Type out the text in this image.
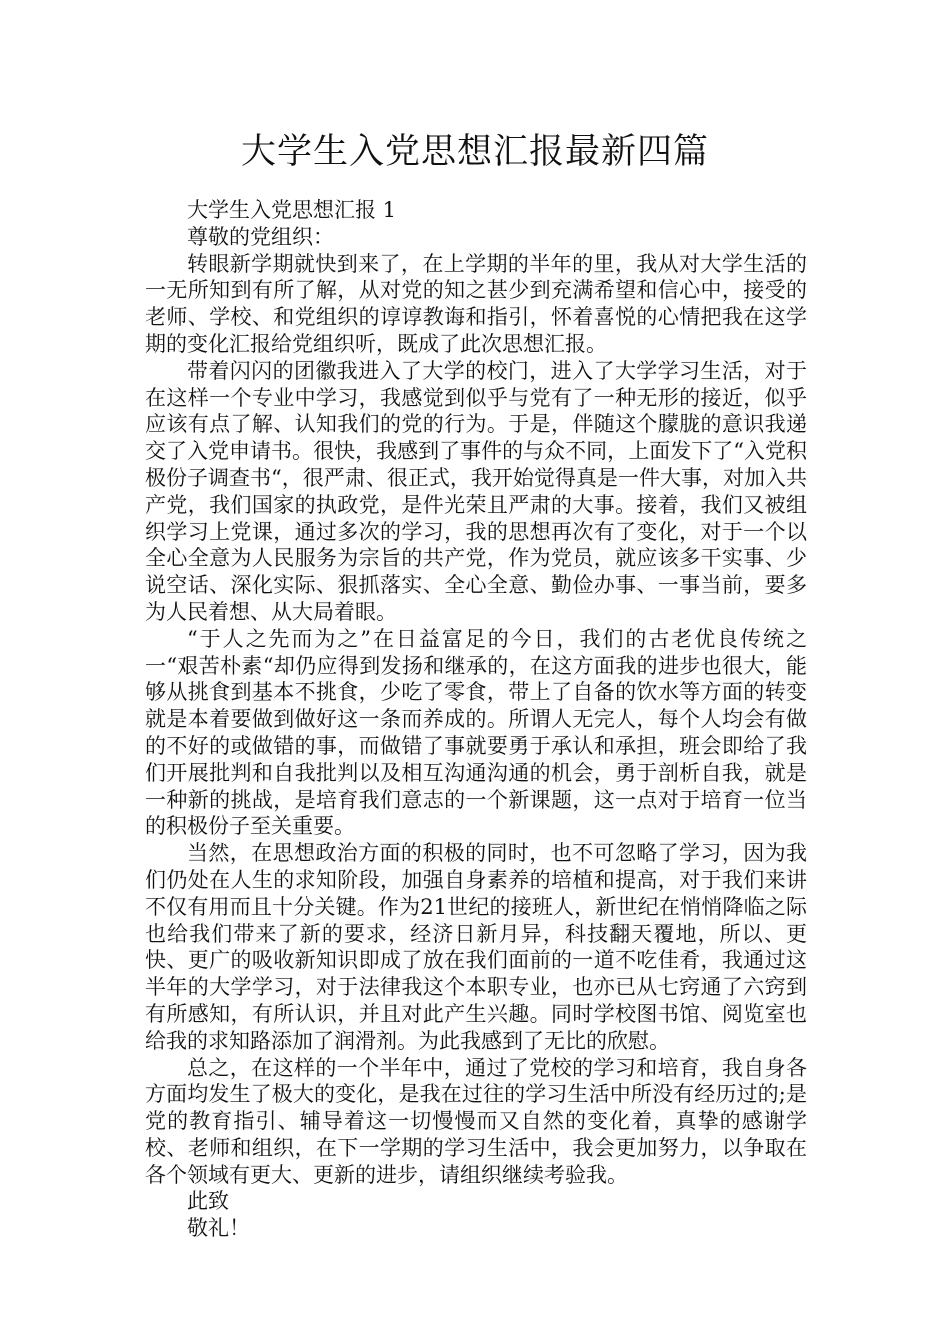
大学生入党思想汇报最新四篇

大学生入党思想汇报 1

尊敬的党组织：

转眼新学期就快到来了，在上学期的半年的里，我从对大学生活的一无所知到有所了解，从对党的知之甚少到充满希望和信心中，接受的老师、学校、和党组织的谆谆教诲和指引，怀着喜悦的心情把我在这学期的变化汇报给党组织听，既成了此次思想汇报。

带着闪闪的团徽我进入了大学的校门，进入了大学学习生活，对于在这样一个专业中学习，我感觉到似乎与党有了一种无形的接近，似乎应该有点了解、认知我们的党的行为。于是，伴随这个朦胧的意识我递交了入党申请书。很快，我感到了事件的与众不同，上面发下了“入党积极份子调查书“，很严肃、很正式，我开始觉得真是一件大事，对加入共产党，我们国家的执政党，是件光荣且严肃的大事。接着，我们又被组织学习上党课，通过多次的学习，我的思想再次有了变化，对于一个以全心全意为人民服务为宗旨的共产党，作为党员，就应该多干实事、少说空话、深化实际、狠抓落实、全心全意、勤俭办事、一事当前，要多为人民着想、从大局着眼。

“于人之先而为之”在日益富足的今日，我们的古老优良传统之一“艰苦朴素“却仍应得到发扬和继承的，在这方面我的进步也很大，能够从挑食到基本不挑食，少吃了零食，带上了自备的饮水等方面的转变就是本着要做到做好这一条而养成的。所谓人无完人，每个人均会有做的不好的或做错的事，而做错了事就要勇于承认和承担，班会即给了我们开展批判和自我批判以及相互沟通沟通的机会，勇于剖析自我，就是一种新的挑战，是培育我们意志的一个新课题，这一点对于培育一位当的积极份子至关重要。

当然，在思想政治方面的积极的同时，也不可忽略了学习，因为我们仍处在人生的求知阶段，加强自身素养的培植和提高，对于我们来讲不仅有用而且十分关键。作为21世纪的接班人，新世纪在悄悄降临之际也给我们带来了新的要求，经济日新月异，科技翻天覆地，所以、更快、更广的吸收新知识即成了放在我们面前的一道不吃佳肴，我通过这半年的大学学习，对于法律我这个本职专业，也亦已从七窍通了六窍到有所感知，有所认识，并且对此产生兴趣。同时学校图书馆、阅览室也给我的求知路添加了润滑剂。为此我感到了无比的欣慰。

总之，在这样的一个半年中，通过了党校的学习和培育，我自身各方面均发生了极大的变化，是我在过往的学习生活中所没有经历过的;是党的教育指引、辅导着这一切慢慢而又自然的变化着，真挚的感谢学校、老师和组织，在下一学期的学习生活中，我会更加努力，以争取在各个领域有更大、更新的进步，请组织继续考验我。

此致

敬礼！
